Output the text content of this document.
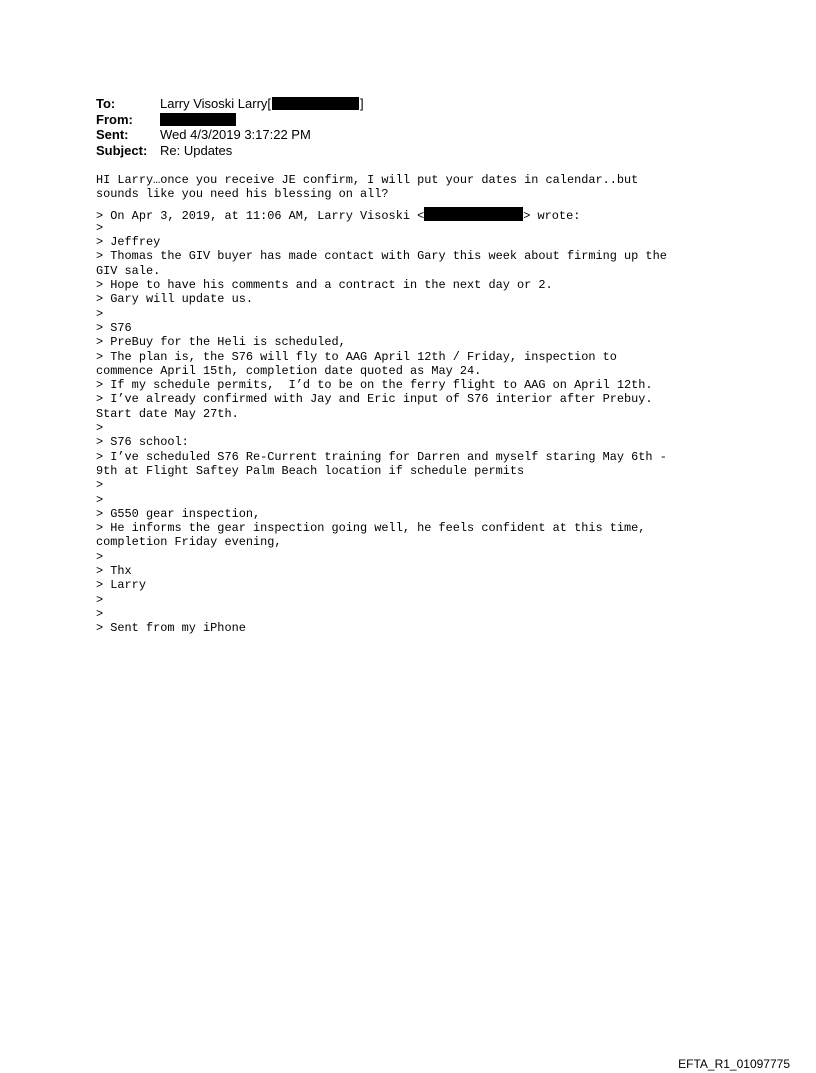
To:	Larry Visoski Larry[	]
From:
Sent:	Wed 4/3/2019 3:17:22 PM
Subject: Re: Updates
HI Larry…once you receive JE confirm, I will put your dates in calendar..but
sounds like you need his blessing on all?
> On Apr 3, 2019, at 11:06 AM, Larry Visoski <	> wrote:
>
> Jeffrey
> Thomas the GIV buyer has made contact with Gary this week about firming up the
GIV sale.
> Hope to have his comments and a contract in the next day or 2.
> Gary will update us.
>
> S76
> PreBuy for the Heli is scheduled,
> The plan is, the S76 will fly to AAG April 12th / Friday, inspection to
commence April 15th, completion date quoted as May 24.
> If my schedule permits,  I’d to be on the ferry flight to AAG on April 12th.
> I’ve already confirmed with Jay and Eric input of S76 interior after Prebuy.
Start date May 27th.
>
> S76 school:
> I’ve scheduled S76 Re-Current training for Darren and myself staring May 6th -
9th at Flight Saftey Palm Beach location if schedule permits
>
>
> G550 gear inspection,
> He informs the gear inspection going well, he feels confident at this time,
completion Friday evening,
>
> Thx
> Larry
>
>
> Sent from my iPhone
EFTA_R1_01097775
